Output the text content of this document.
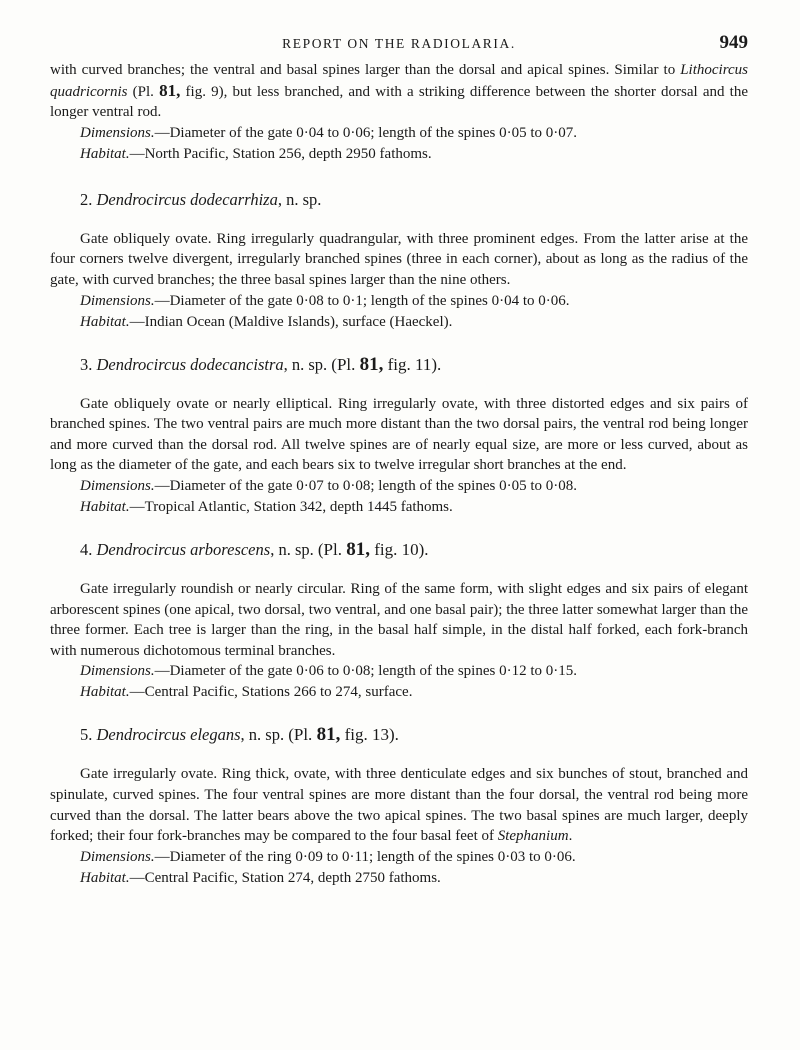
REPORT ON THE RADIOLARIA.	949

with curved branches; the ventral and basal spines larger than the dorsal and apical spines. Similar to Lithocircus quadricornis (Pl. 81, fig. 9), but less branched, and with a striking difference between the shorter dorsal and the longer ventral rod.

Dimensions.—Diameter of the gate 0·04 to 0·06; length of the spines 0·05 to 0·07.
Habitat.—North Pacific, Station 256, depth 2950 fathoms.
2. Dendrocircus dodecarrhiza, n. sp.

Gate obliquely ovate. Ring irregularly quadrangular, with three prominent edges. From the latter arise at the four corners twelve divergent, irregularly branched spines (three in each corner), about as long as the radius of the gate, with curved branches; the three basal spines larger than the nine others.

Dimensions.—Diameter of the gate 0·08 to 0·1; length of the spines 0·04 to 0·06.
Habitat.—Indian Ocean (Maldive Islands), surface (Haeckel).
3. Dendrocircus dodecancistra, n. sp. (Pl. 81, fig. 11).

Gate obliquely ovate or nearly elliptical. Ring irregularly ovate, with three distorted edges and six pairs of branched spines. The two ventral pairs are much more distant than the two dorsal pairs, the ventral rod being longer and more curved than the dorsal rod. All twelve spines are of nearly equal size, are more or less curved, about as long as the diameter of the gate, and each bears six to twelve irregular short branches at the end.

Dimensions.—Diameter of the gate 0·07 to 0·08; length of the spines 0·05 to 0·08.
Habitat.—Tropical Atlantic, Station 342, depth 1445 fathoms.
4. Dendrocircus arborescens, n. sp. (Pl. 81, fig. 10).

Gate irregularly roundish or nearly circular. Ring of the same form, with slight edges and six pairs of elegant arborescent spines (one apical, two dorsal, two ventral, and one basal pair); the three latter somewhat larger than the three former. Each tree is larger than the ring, in the basal half simple, in the distal half forked, each fork-branch with numerous dichotomous terminal branches.

Dimensions.—Diameter of the gate 0·06 to 0·08; length of the spines 0·12 to 0·15.
Habitat.—Central Pacific, Stations 266 to 274, surface.
5. Dendrocircus elegans, n. sp. (Pl. 81, fig. 13).

Gate irregularly ovate. Ring thick, ovate, with three denticulate edges and six bunches of stout, branched and spinulate, curved spines. The four ventral spines are more distant than the four dorsal, the ventral rod being more curved than the dorsal. The latter bears above the two apical spines. The two basal spines are much larger, deeply forked; their four fork-branches may be compared to the four basal feet of Stephanium.

Dimensions.—Diameter of the ring 0·09 to 0·11; length of the spines 0·03 to 0·06.
Habitat.—Central Pacific, Station 274, depth 2750 fathoms.
